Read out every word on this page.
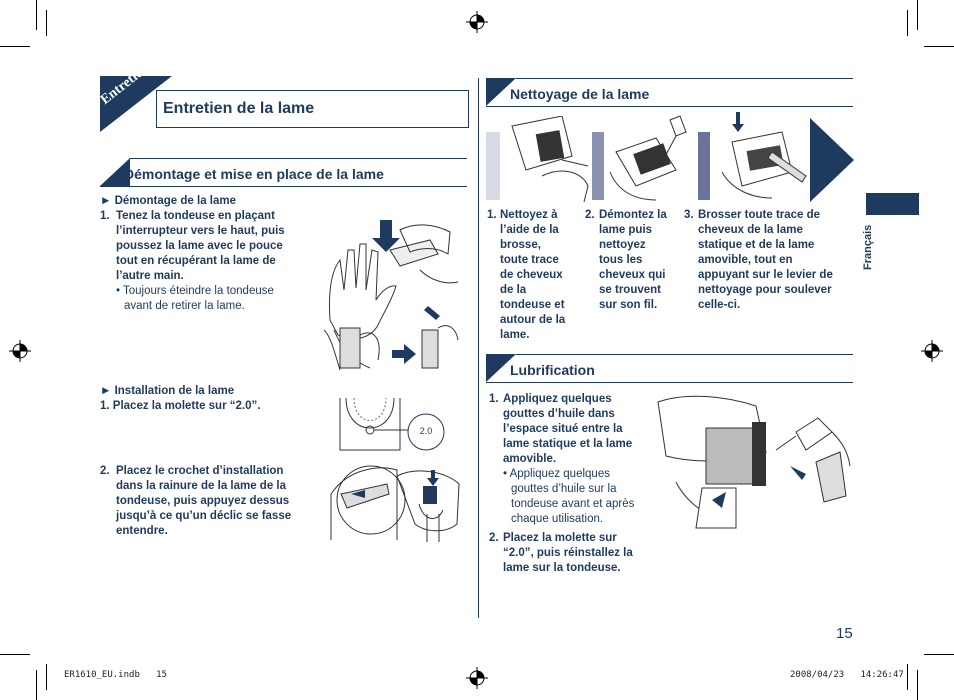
Entretien
Entretien de la lame
Démontage et mise en place de la lame
► Démontage de la lame
1. Tenez la tondeuse en plaçant
l’interrupteur vers le haut, puis
poussez la lame avec le pouce
tout en récupérant la lame de
l’autre main.
• Toujours éteindre la tondeuse
avant de retirer la lame.
► Installation de la lame
1. Placez la molette sur “2.0”.
2.0
2. Placez le crochet d’installation
dans la rainure de la lame de la
tondeuse, puis appuyez dessus
jusqu’à ce qu’un déclic se fasse
entendre.
Nettoyage de la lame
1. Nettoyez à
l’aide de la
brosse,
toute trace
de cheveux
de la
tondeuse et
autour de la
lame.
2. Démontez la
lame puis
nettoyez
tous les
cheveux qui
se trouvent
sur son fil.
3. Brosser toute trace de
cheveux de la lame
statique et de la lame
amovible, tout en
appuyant sur le levier de
nettoyage pour soulever
celle-ci.
Lubrification
1. Appliquez quelques
gouttes d’huile dans
l’espace situé entre la
lame statique et la lame
amovible.
• Appliquez quelques
gouttes d’huile sur la
tondeuse avant et après
chaque utilisation.
2. Placez la molette sur
“2.0”, puis réinstallez la
lame sur la tondeuse.
Français
15
ER1610_EU.indb   15	2008/04/23   14:26:47
